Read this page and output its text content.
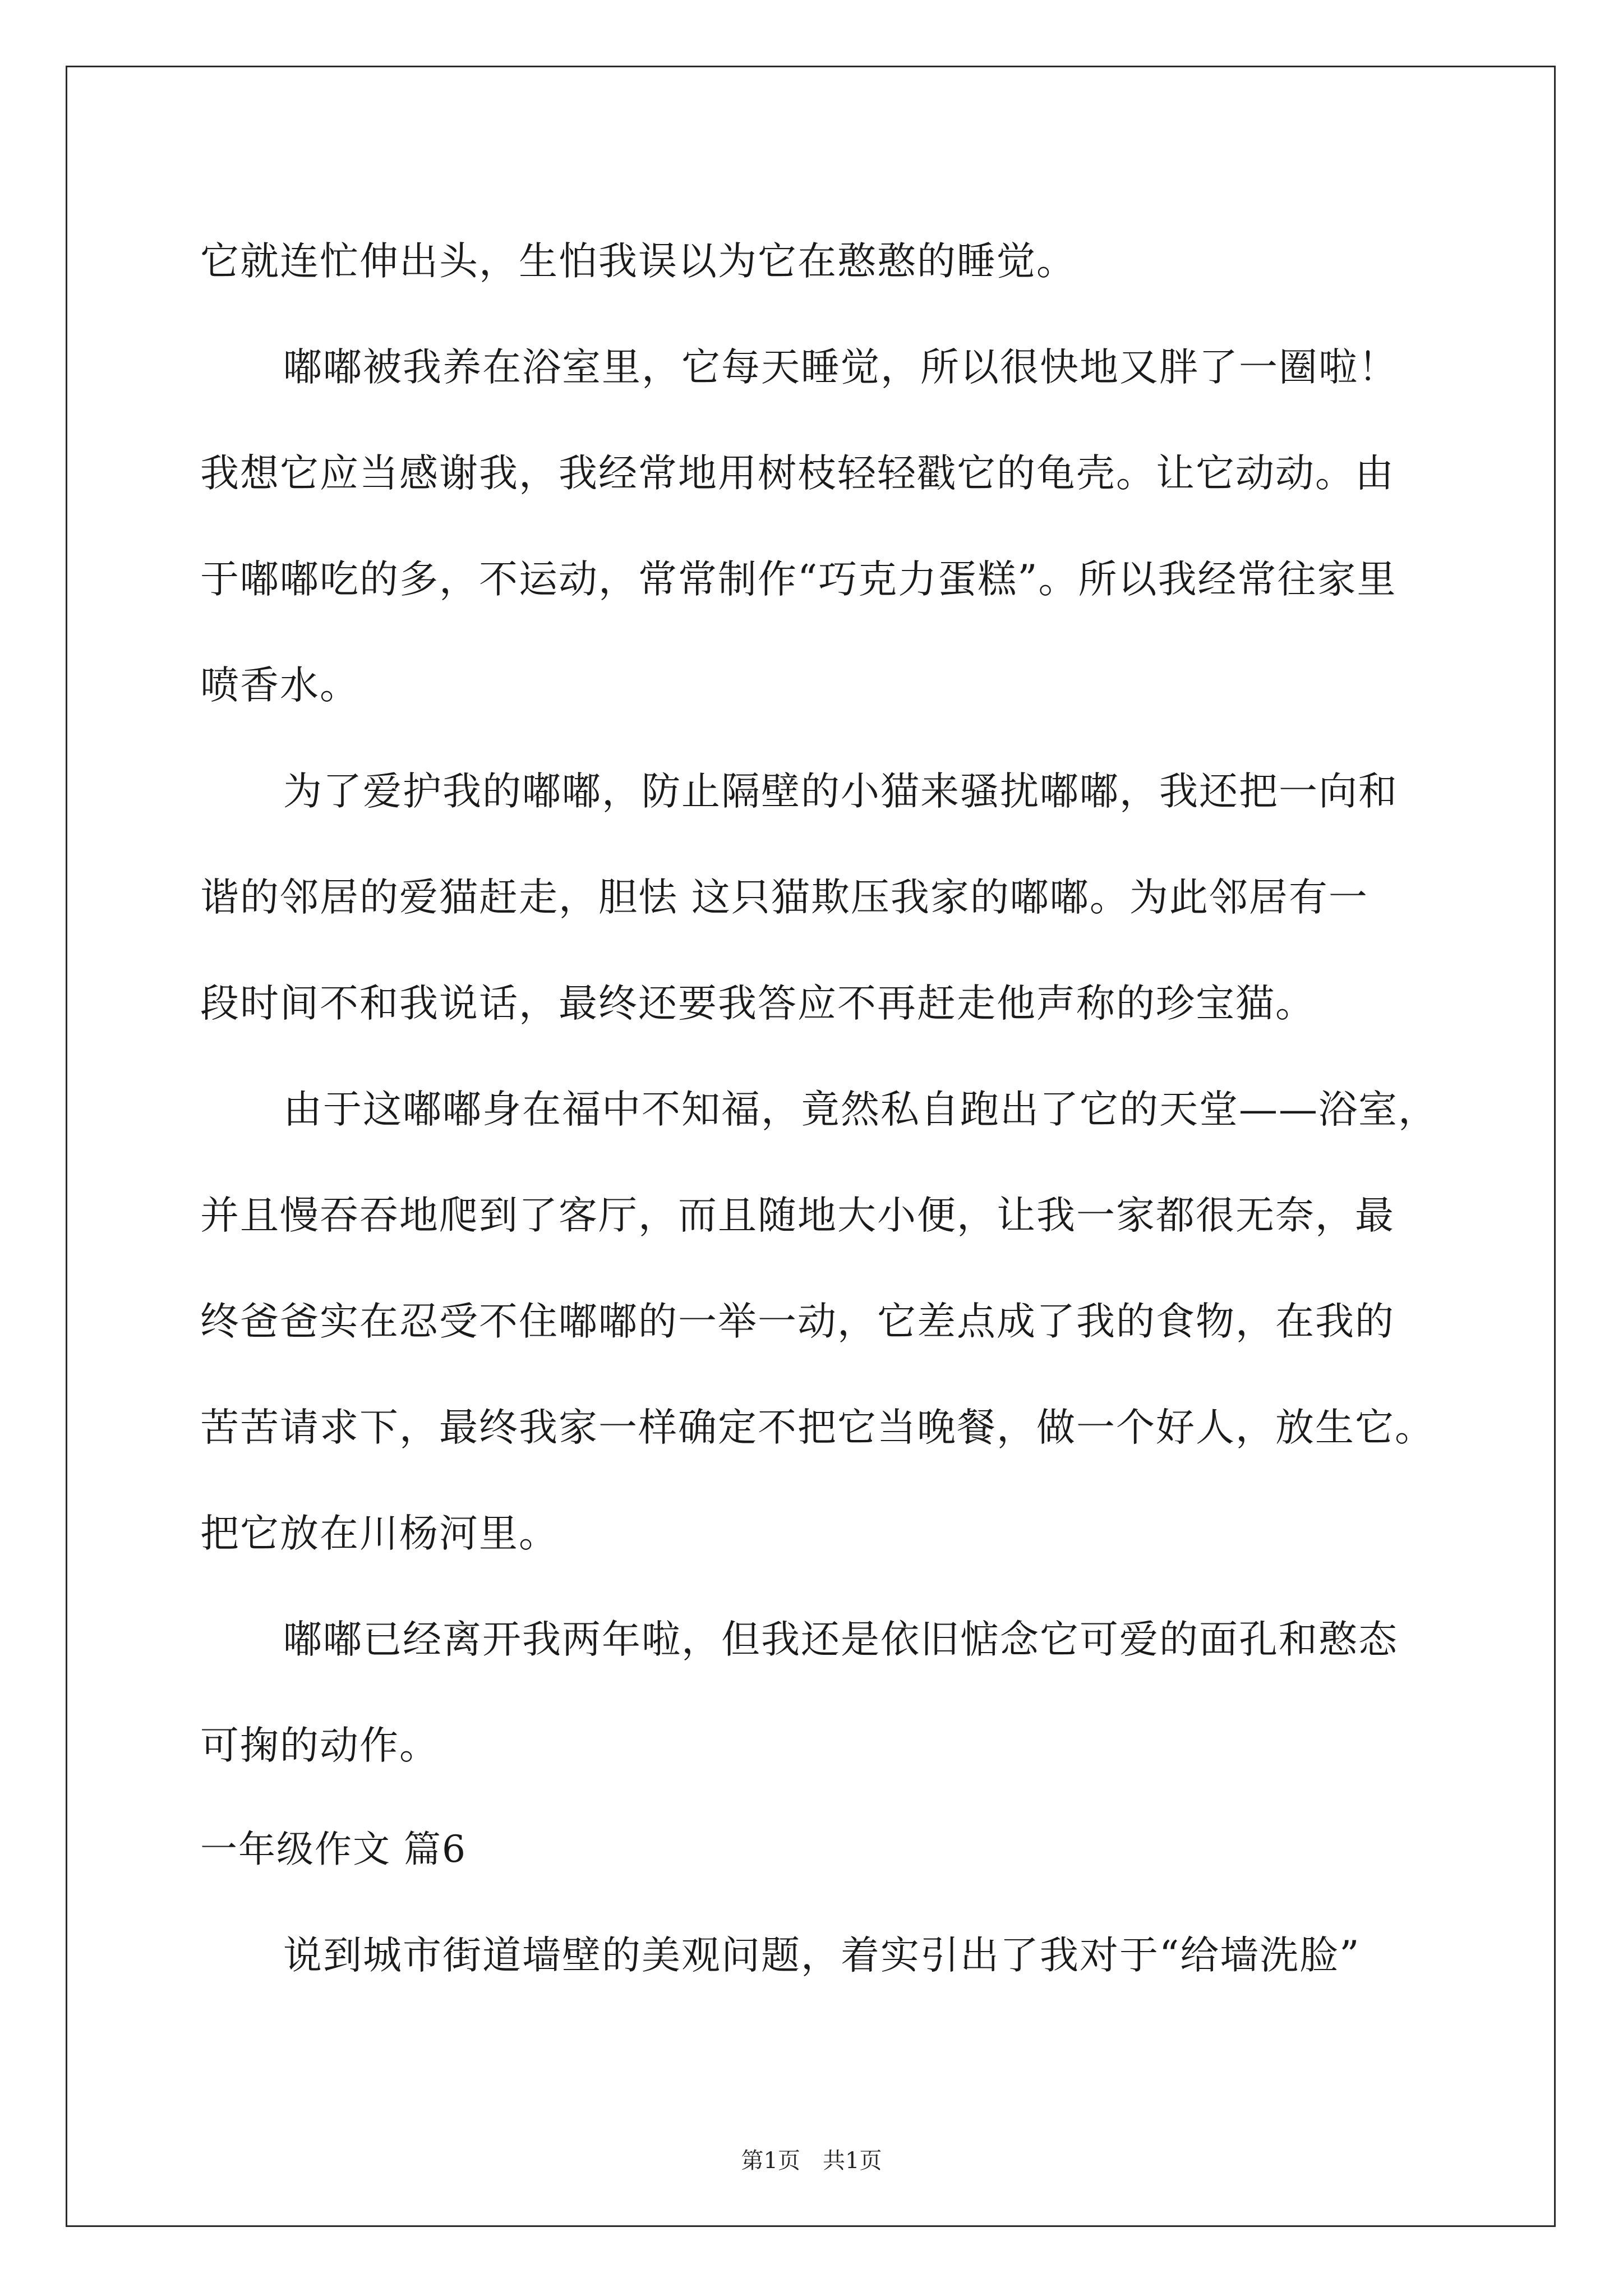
它就连忙伸出头，生怕我误以为它在憨憨的睡觉。
嘟嘟被我养在浴室里，它每天睡觉，所以很快地又胖了一圈啦！
我想它应当感谢我，我经常地用树枝轻轻戳它的龟壳。让它动动。由
于嘟嘟吃的多，不运动，常常制作“巧克力蛋糕”。所以我经常往家里
喷香水。
为了爱护我的嘟嘟，防止隔壁的小猫来骚扰嘟嘟，我还把一向和
谐的邻居的爱猫赶走，胆怯 这只猫欺压我家的嘟嘟。为此邻居有一
段时间不和我说话，最终还要我答应不再赶走他声称的珍宝猫。
由于这嘟嘟身在福中不知福，竟然私自跑出了它的天堂——浴室，
并且慢吞吞地爬到了客厅，而且随地大小便，让我一家都很无奈，最
终爸爸实在忍受不住嘟嘟的一举一动，它差点成了我的食物，在我的
苦苦请求下，最终我家一样确定不把它当晚餐，做一个好人，放生它。
把它放在川杨河里。
嘟嘟已经离开我两年啦，但我还是依旧惦念它可爱的面孔和憨态
可掬的动作。
一年级作文 篇6
说到城市街道墙壁的美观问题，着实引出了我对于“给墙洗脸”
第1页 共1页
